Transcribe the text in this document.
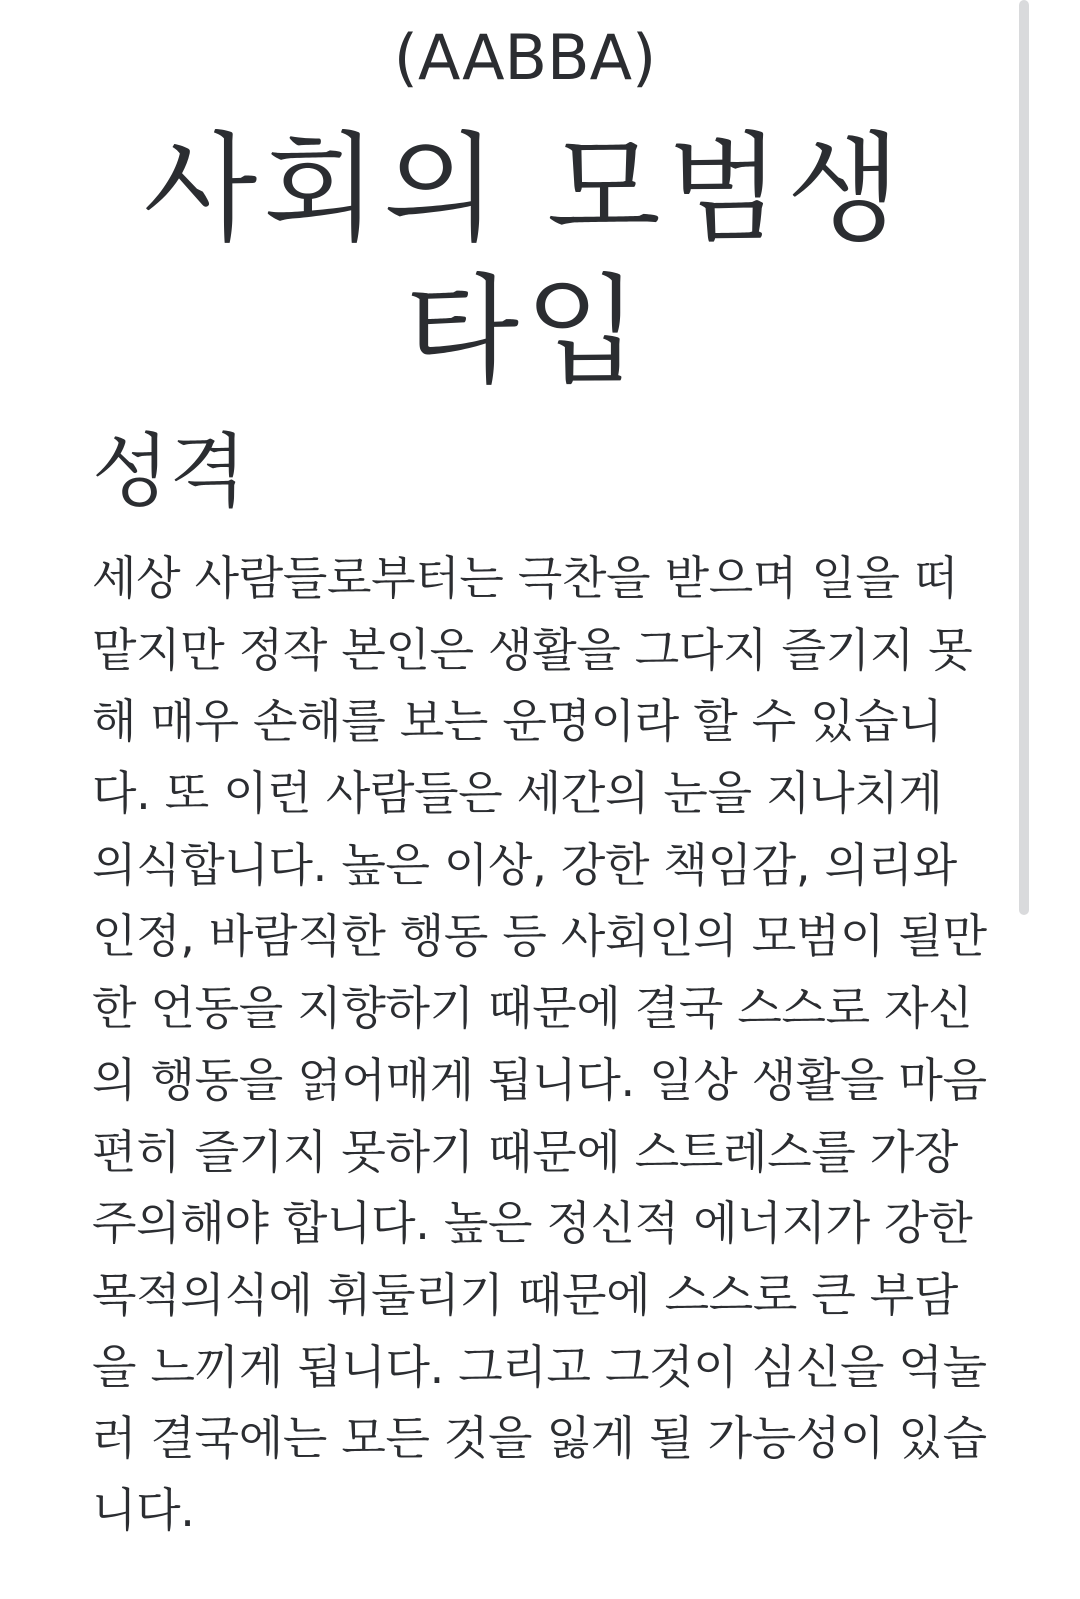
(AABBA)
사회의 모범생 타입
성격
세상 사람들로부터는 극찬을 받으며 일을 떠
맡지만 정작 본인은 생활을 그다지 즐기지 못
해 매우 손해를 보는 운명이라 할 수 있습니
다. 또 이런 사람들은 세간의 눈을 지나치게
의식합니다. 높은 이상, 강한 책임감, 의리와
인정, 바람직한 행동 등 사회인의 모범이 될만
한 언동을 지향하기 때문에 결국 스스로 자신
의 행동을 얽어매게 됩니다. 일상 생활을 마음
편히 즐기지 못하기 때문에 스트레스를 가장
주의해야 합니다. 높은 정신적 에너지가 강한
목적의식에 휘둘리기 때문에 스스로 큰 부담
을 느끼게 됩니다. 그리고 그것이 심신을 억눌
러 결국에는 모든 것을 잃게 될 가능성이 있습
니다.
